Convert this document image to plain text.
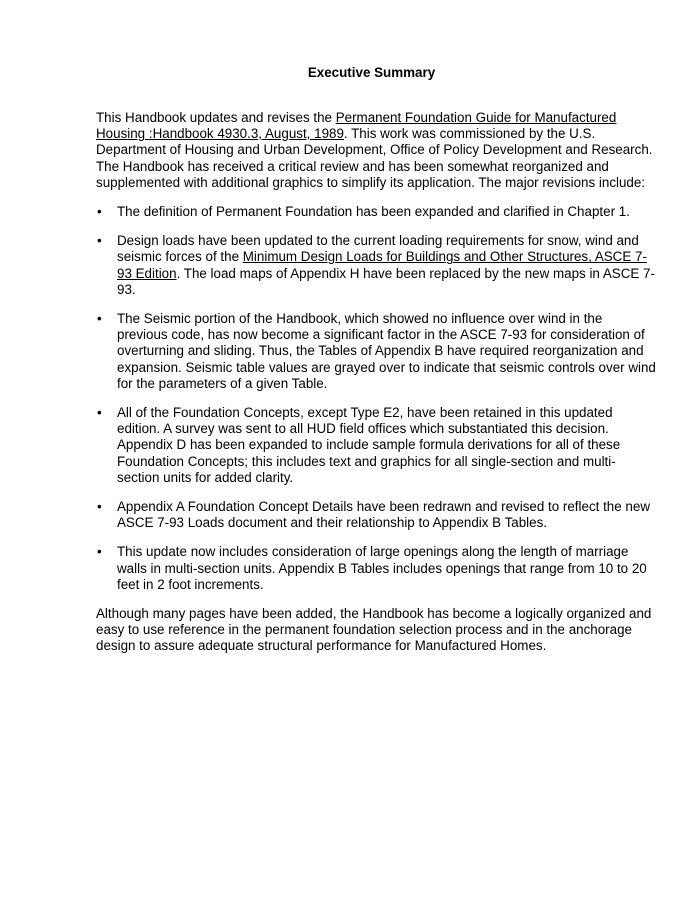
Executive Summary

This Handbook updates and revises the Permanent Foundation Guide for Manufactured Housing :Handbook 4930.3, August, 1989. This work was commissioned by the U.S. Department of Housing and Urban Development, Office of Policy Development and Research. The Handbook has received a critical review and has been somewhat reorganized and supplemented with additional graphics to simplify its application. The major revisions include:

• The definition of Permanent Foundation has been expanded and clarified in Chapter 1.
• Design loads have been updated to the current loading requirements for snow, wind and seismic forces of the Minimum Design Loads for Buildings and Other Structures, ASCE 7-93 Edition. The load maps of Appendix H have been replaced by the new maps in ASCE 7-93.
• The Seismic portion of the Handbook, which showed no influence over wind in the previous code, has now become a significant factor in the ASCE 7-93 for consideration of overturning and sliding. Thus, the Tables of Appendix B have required reorganization and expansion. Seismic table values are grayed over to indicate that seismic controls over wind for the parameters of a given Table.
• All of the Foundation Concepts, except Type E2, have been retained in this updated edition. A survey was sent to all HUD field offices which substantiated this decision. Appendix D has been expanded to include sample formula derivations for all of these Foundation Concepts; this includes text and graphics for all single-section and multi-section units for added clarity.
• Appendix A Foundation Concept Details have been redrawn and revised to reflect the new ASCE 7-93 Loads document and their relationship to Appendix B Tables.
• This update now includes consideration of large openings along the length of marriage walls in multi-section units. Appendix B Tables includes openings that range from 10 to 20 feet in 2 foot increments.

Although many pages have been added, the Handbook has become a logically organized and easy to use reference in the permanent foundation selection process and in the anchorage design to assure adequate structural performance for Manufactured Homes.
